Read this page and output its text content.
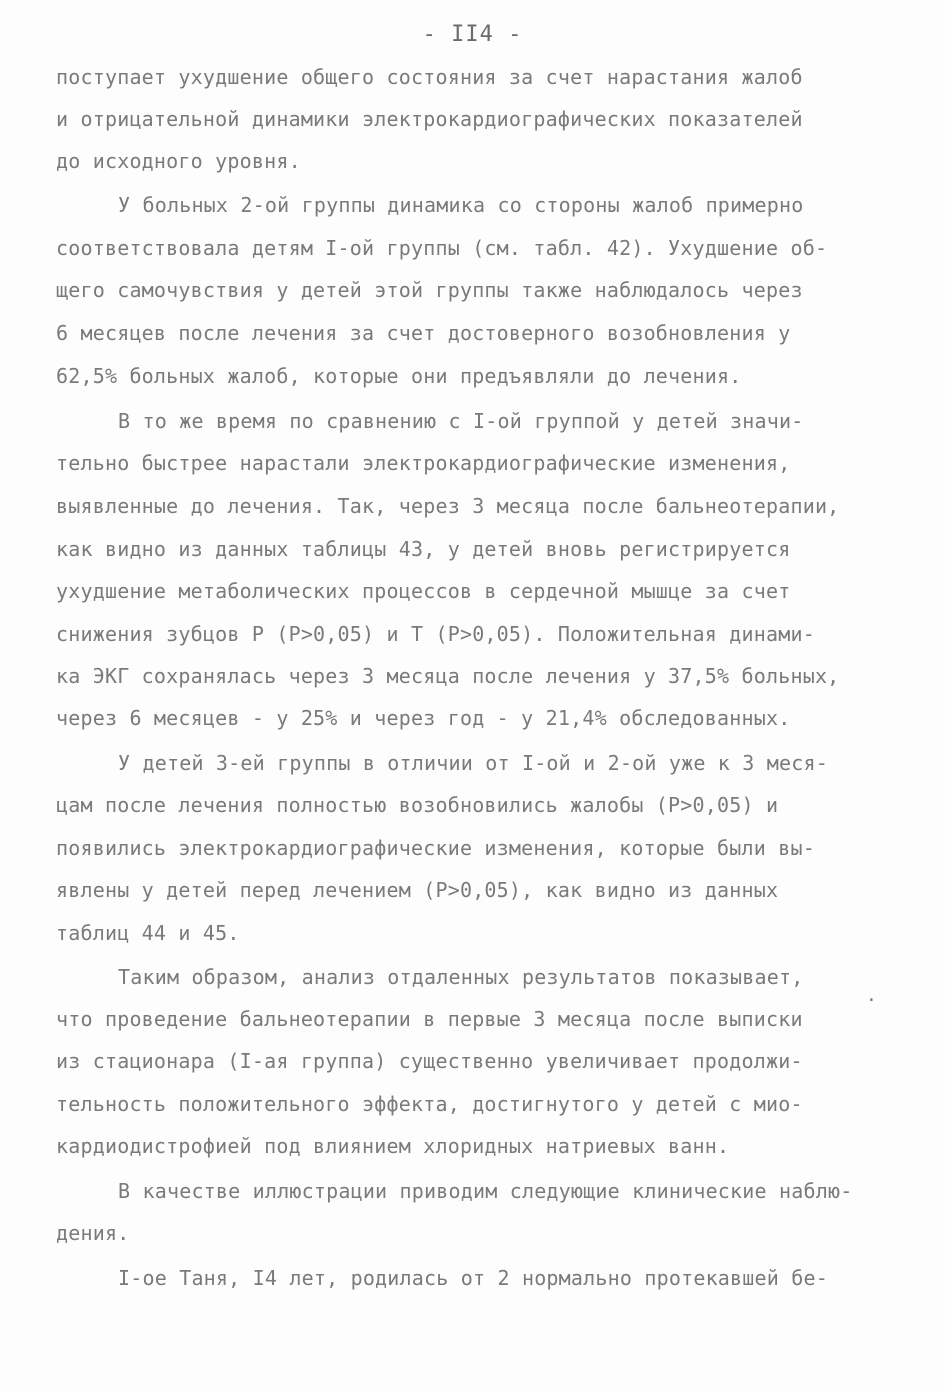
- II4 -
поступает ухудшение общего состояния за счет нарастания жалоб
и отрицательной динамики электрокардиографических показателей
до исходного уровня.
У больных 2-ой группы динамика со стороны жалоб примерно
соответствовала детям I-ой группы (см. табл. 42). Ухудшение об-
щего самочувствия у детей этой группы также наблюдалось через
6 месяцев после лечения за счет достоверного возобновления у
62,5% больных жалоб, которые они предъявляли до лечения.
В то же время по сравнению с I-ой группой у детей значи-
тельно быстрее нарастали электрокардиографические изменения,
выявленные до лечения. Так, через 3 месяца после бальнеотерапии,
как видно из данных таблицы 43, у детей вновь регистрируется
ухудшение метаболических процессов в сердечной мышце за счет
снижения зубцов Р (Р>0,05) и Т (Р>0,05). Положительная динами-
ка ЭКГ сохранялась через 3 месяца после лечения у 37,5% больных,
через 6 месяцев - у 25% и через год - у 21,4% обследованных.
У детей 3-ей группы в отличии от I-ой и 2-ой уже к 3 меся-
цам после лечения полностью возобновились жалобы (Р>0,05) и
появились электрокардиографические изменения, которые были вы-
явлены у детей перед лечением (Р>0,05), как видно из данных
таблиц 44 и 45.
Таким образом, анализ отдаленных результатов показывает,
что проведение бальнеотерапии в первые 3 месяца после выписки
из стационара (I-ая группа) существенно увеличивает продолжи-
тельность положительного эффекта, достигнутого у детей с мио-
кардиодистрофией под влиянием хлоридных натриевых ванн.
В качестве иллюстрации приводим следующие клинические наблю-
дения.
I-ое Таня, I4 лет, родилась от 2 нормально протекавшей бе-
·
